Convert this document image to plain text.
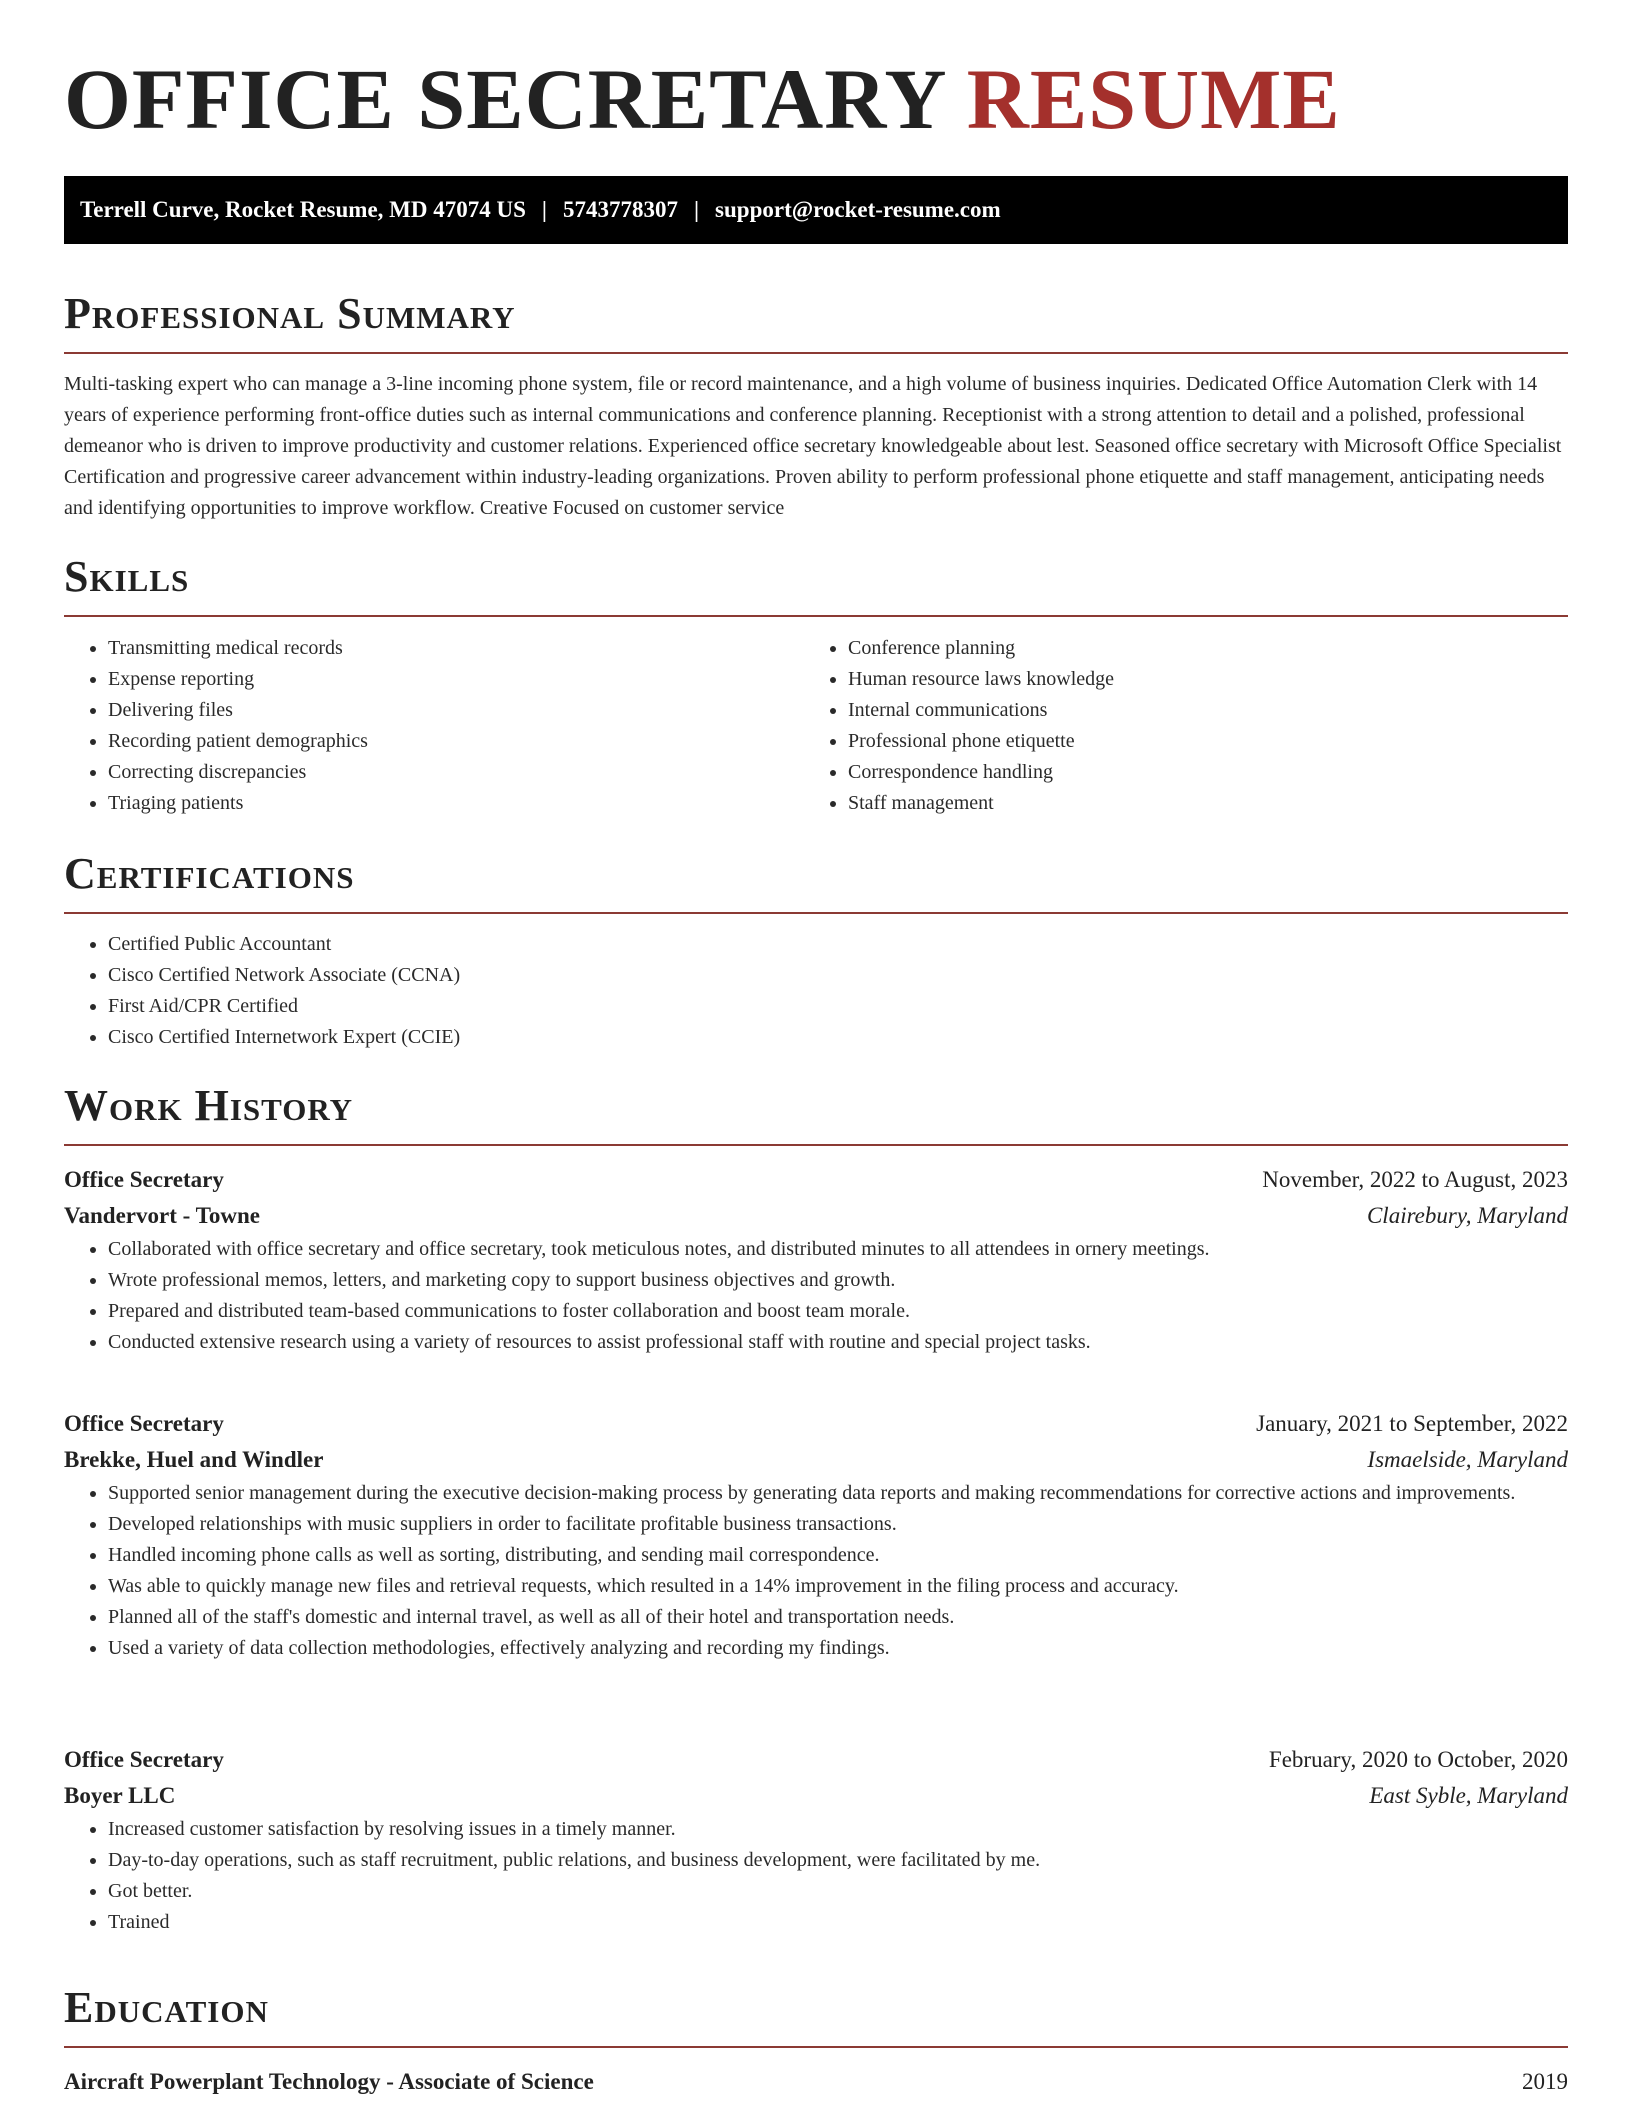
OFFICE SECRETARY RESUME
Terrell Curve, Rocket Resume, MD 47074 US | 5743778307 | support@rocket-resume.com
Professional Summary

Multi-tasking expert who can manage a 3-line incoming phone system, file or record maintenance, and a high volume of business inquiries. Dedicated Office Automation Clerk with 14 years of experience performing front-office duties such as internal communications and conference planning. Receptionist with a strong attention to detail and a polished, professional demeanor who is driven to improve productivity and customer relations. Experienced office secretary knowledgeable about lest. Seasoned office secretary with Microsoft Office Specialist Certification and progressive career advancement within industry-leading organizations. Proven ability to perform professional phone etiquette and staff management, anticipating needs and identifying opportunities to improve workflow. Creative Focused on customer service

Skills
• Transmitting medical records
• Expense reporting
• Delivering files
• Recording patient demographics
• Correcting discrepancies
• Triaging patients
• Conference planning
• Human resource laws knowledge
• Internal communications
• Professional phone etiquette
• Correspondence handling
• Staff management
Certifications
• Certified Public Accountant
• Cisco Certified Network Associate (CCNA)
• First Aid/CPR Certified
• Cisco Certified Internetwork Expert (CCIE)
Work History
Office Secretary	November, 2022 to August, 2023
Vandervort - Towne	Clairebury, Maryland
• Collaborated with office secretary and office secretary, took meticulous notes, and distributed minutes to all attendees in ornery meetings.
• Wrote professional memos, letters, and marketing copy to support business objectives and growth.
• Prepared and distributed team-based communications to foster collaboration and boost team morale.
• Conducted extensive research using a variety of resources to assist professional staff with routine and special project tasks.
Office Secretary	January, 2021 to September, 2022
Brekke, Huel and Windler	Ismaelside, Maryland
• Supported senior management during the executive decision-making process by generating data reports and making recommendations for corrective actions and improvements.
• Developed relationships with music suppliers in order to facilitate profitable business transactions.
• Handled incoming phone calls as well as sorting, distributing, and sending mail correspondence.
• Was able to quickly manage new files and retrieval requests, which resulted in a 14% improvement in the filing process and accuracy.
• Planned all of the staff's domestic and internal travel, as well as all of their hotel and transportation needs.
• Used a variety of data collection methodologies, effectively analyzing and recording my findings.
Office Secretary	February, 2020 to October, 2020
Boyer LLC	East Syble, Maryland
• Increased customer satisfaction by resolving issues in a timely manner.
• Day-to-day operations, such as staff recruitment, public relations, and business development, were facilitated by me.
• Got better.
• Trained
Education
Aircraft Powerplant Technology - Associate of Science	2019
